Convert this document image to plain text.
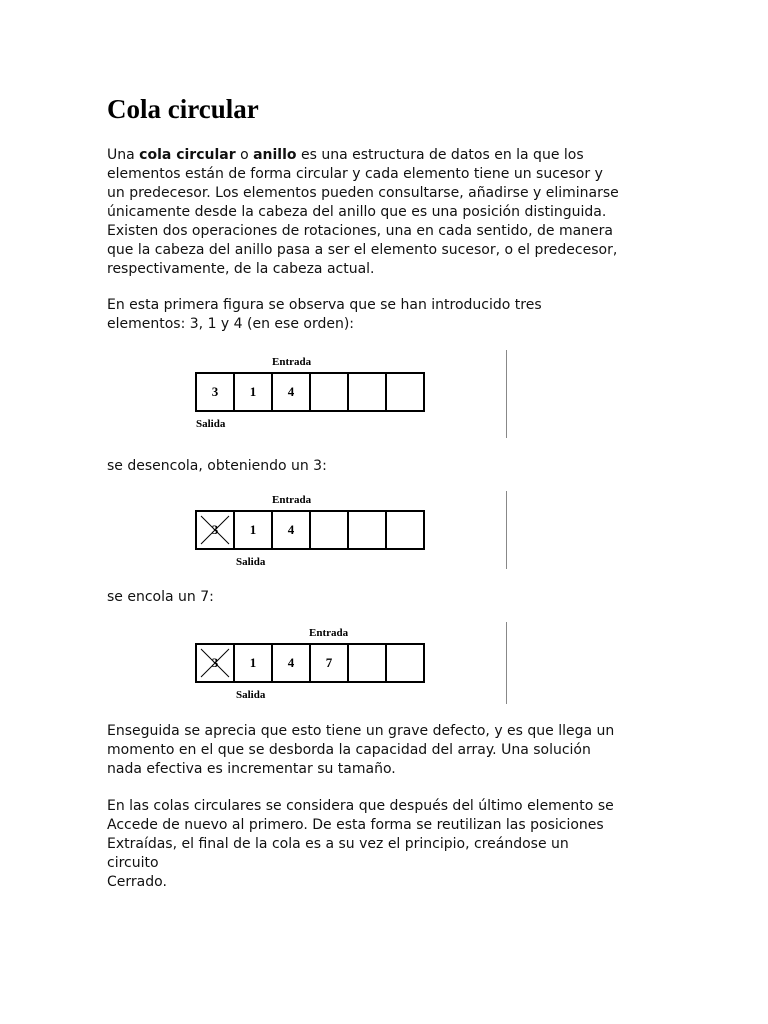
Cola circular
Una cola circular o anillo es una estructura de datos en la que los
elementos están de forma circular y cada elemento tiene un sucesor y
un predecesor. Los elementos pueden consultarse, añadirse y eliminarse
únicamente desde la cabeza del anillo que es una posición distinguida.
Existen dos operaciones de rotaciones, una en cada sentido, de manera
que la cabeza del anillo pasa a ser el elemento sucesor, o el predecesor,
respectivamente, de la cabeza actual.
En esta primera figura se observa que se han introducido tres
elementos: 3, 1 y 4 (en ese orden):
Entrada
3 1 4
Salida
se desencola, obteniendo un 3:
Entrada
3 1 4
Salida
se encola un 7:
Entrada
3 1 4 7
Salida
Enseguida se aprecia que esto tiene un grave defecto, y es que llega un
momento en el que se desborda la capacidad del array. Una solución
nada efectiva es incrementar su tamaño.
En las colas circulares se considera que después del último elemento se
Accede de nuevo al primero. De esta forma se reutilizan las posiciones
Extraídas, el final de la cola es a su vez el principio, creándose un
circuito
Cerrado.
